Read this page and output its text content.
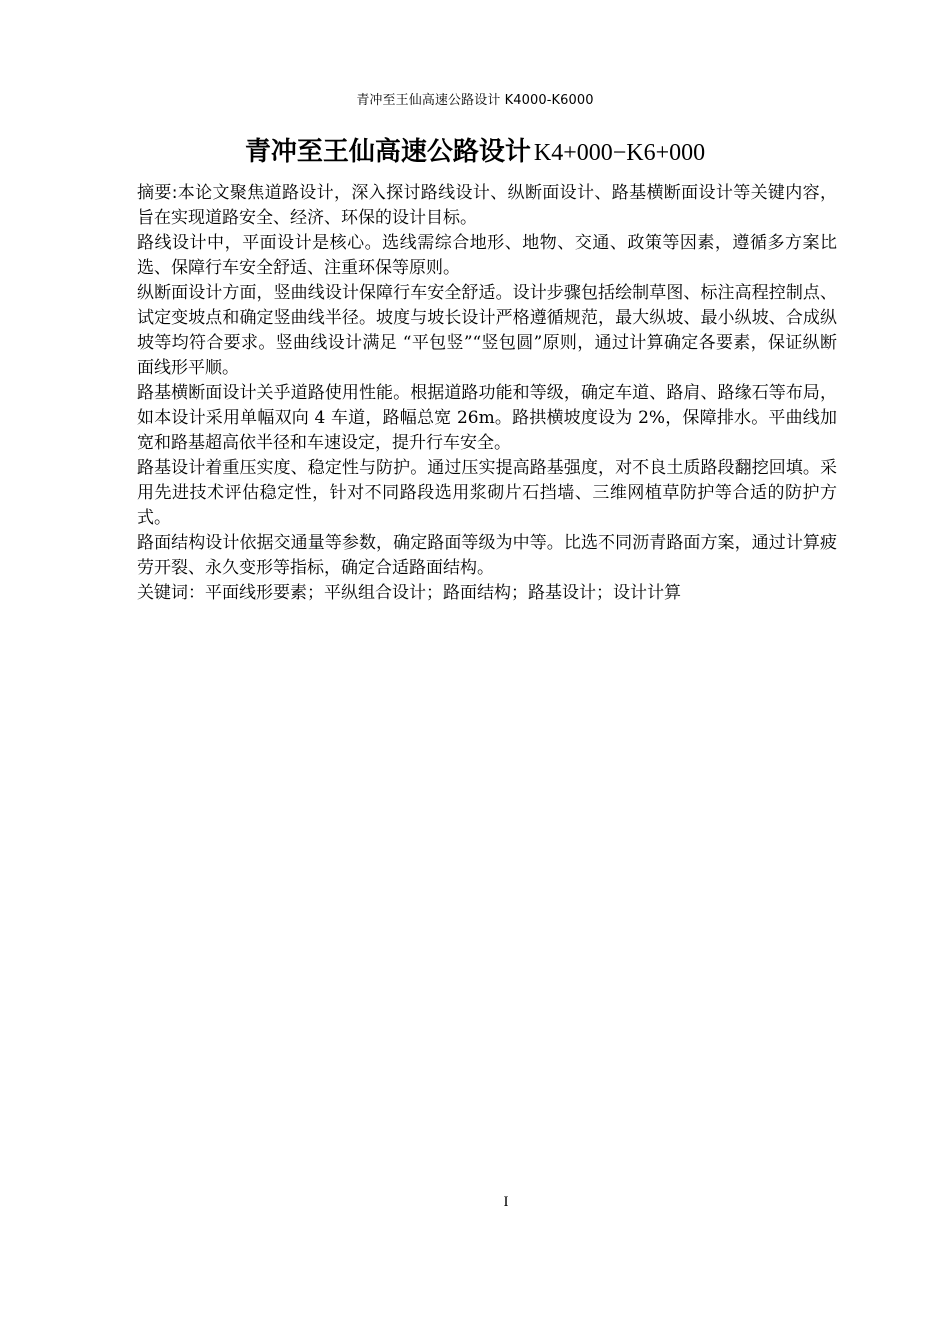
青冲至王仙高速公路设计 K4000-K6000
青冲至王仙高速公路设计 K4+000−K6+000

摘要:本论文聚焦道路设计，深入探讨路线设计、纵断面设计、路基横断面设计等关键内容，旨在实现道路安全、经济、环保的设计目标。

路线设计中，平面设计是核心。选线需综合地形、地物、交通、政策等因素，遵循多方案比选、保障行车安全舒适、注重环保等原则。

纵断面设计方面，竖曲线设计保障行车安全舒适。设计步骤包括绘制草图、标注高程控制点、试定变坡点和确定竖曲线半径。坡度与坡长设计严格遵循规范，最大纵坡、最小纵坡、合成纵坡等均符合要求。竖曲线设计满足 “平包竖”“竖包圆”原则，通过计算确定各要素，保证纵断面线形平顺。

路基横断面设计关乎道路使用性能。根据道路功能和等级，确定车道、路肩、路缘石等布局，如本设计采用单幅双向 4 车道，路幅总宽 26m。路拱横坡度设为 2%，保障排水。平曲线加宽和路基超高依半径和车速设定，提升行车安全。

路基设计着重压实度、稳定性与防护。通过压实提高路基强度，对不良土质路段翻挖回填。采用先进技术评估稳定性，针对不同路段选用浆砌片石挡墙、三维网植草防护等合适的防护方式。

路面结构设计依据交通量等参数，确定路面等级为中等。比选不同沥青路面方案，通过计算疲劳开裂、永久变形等指标，确定合适路面结构。

关键词：平面线形要素；平纵组合设计；路面结构；路基设计；设计计算

I
